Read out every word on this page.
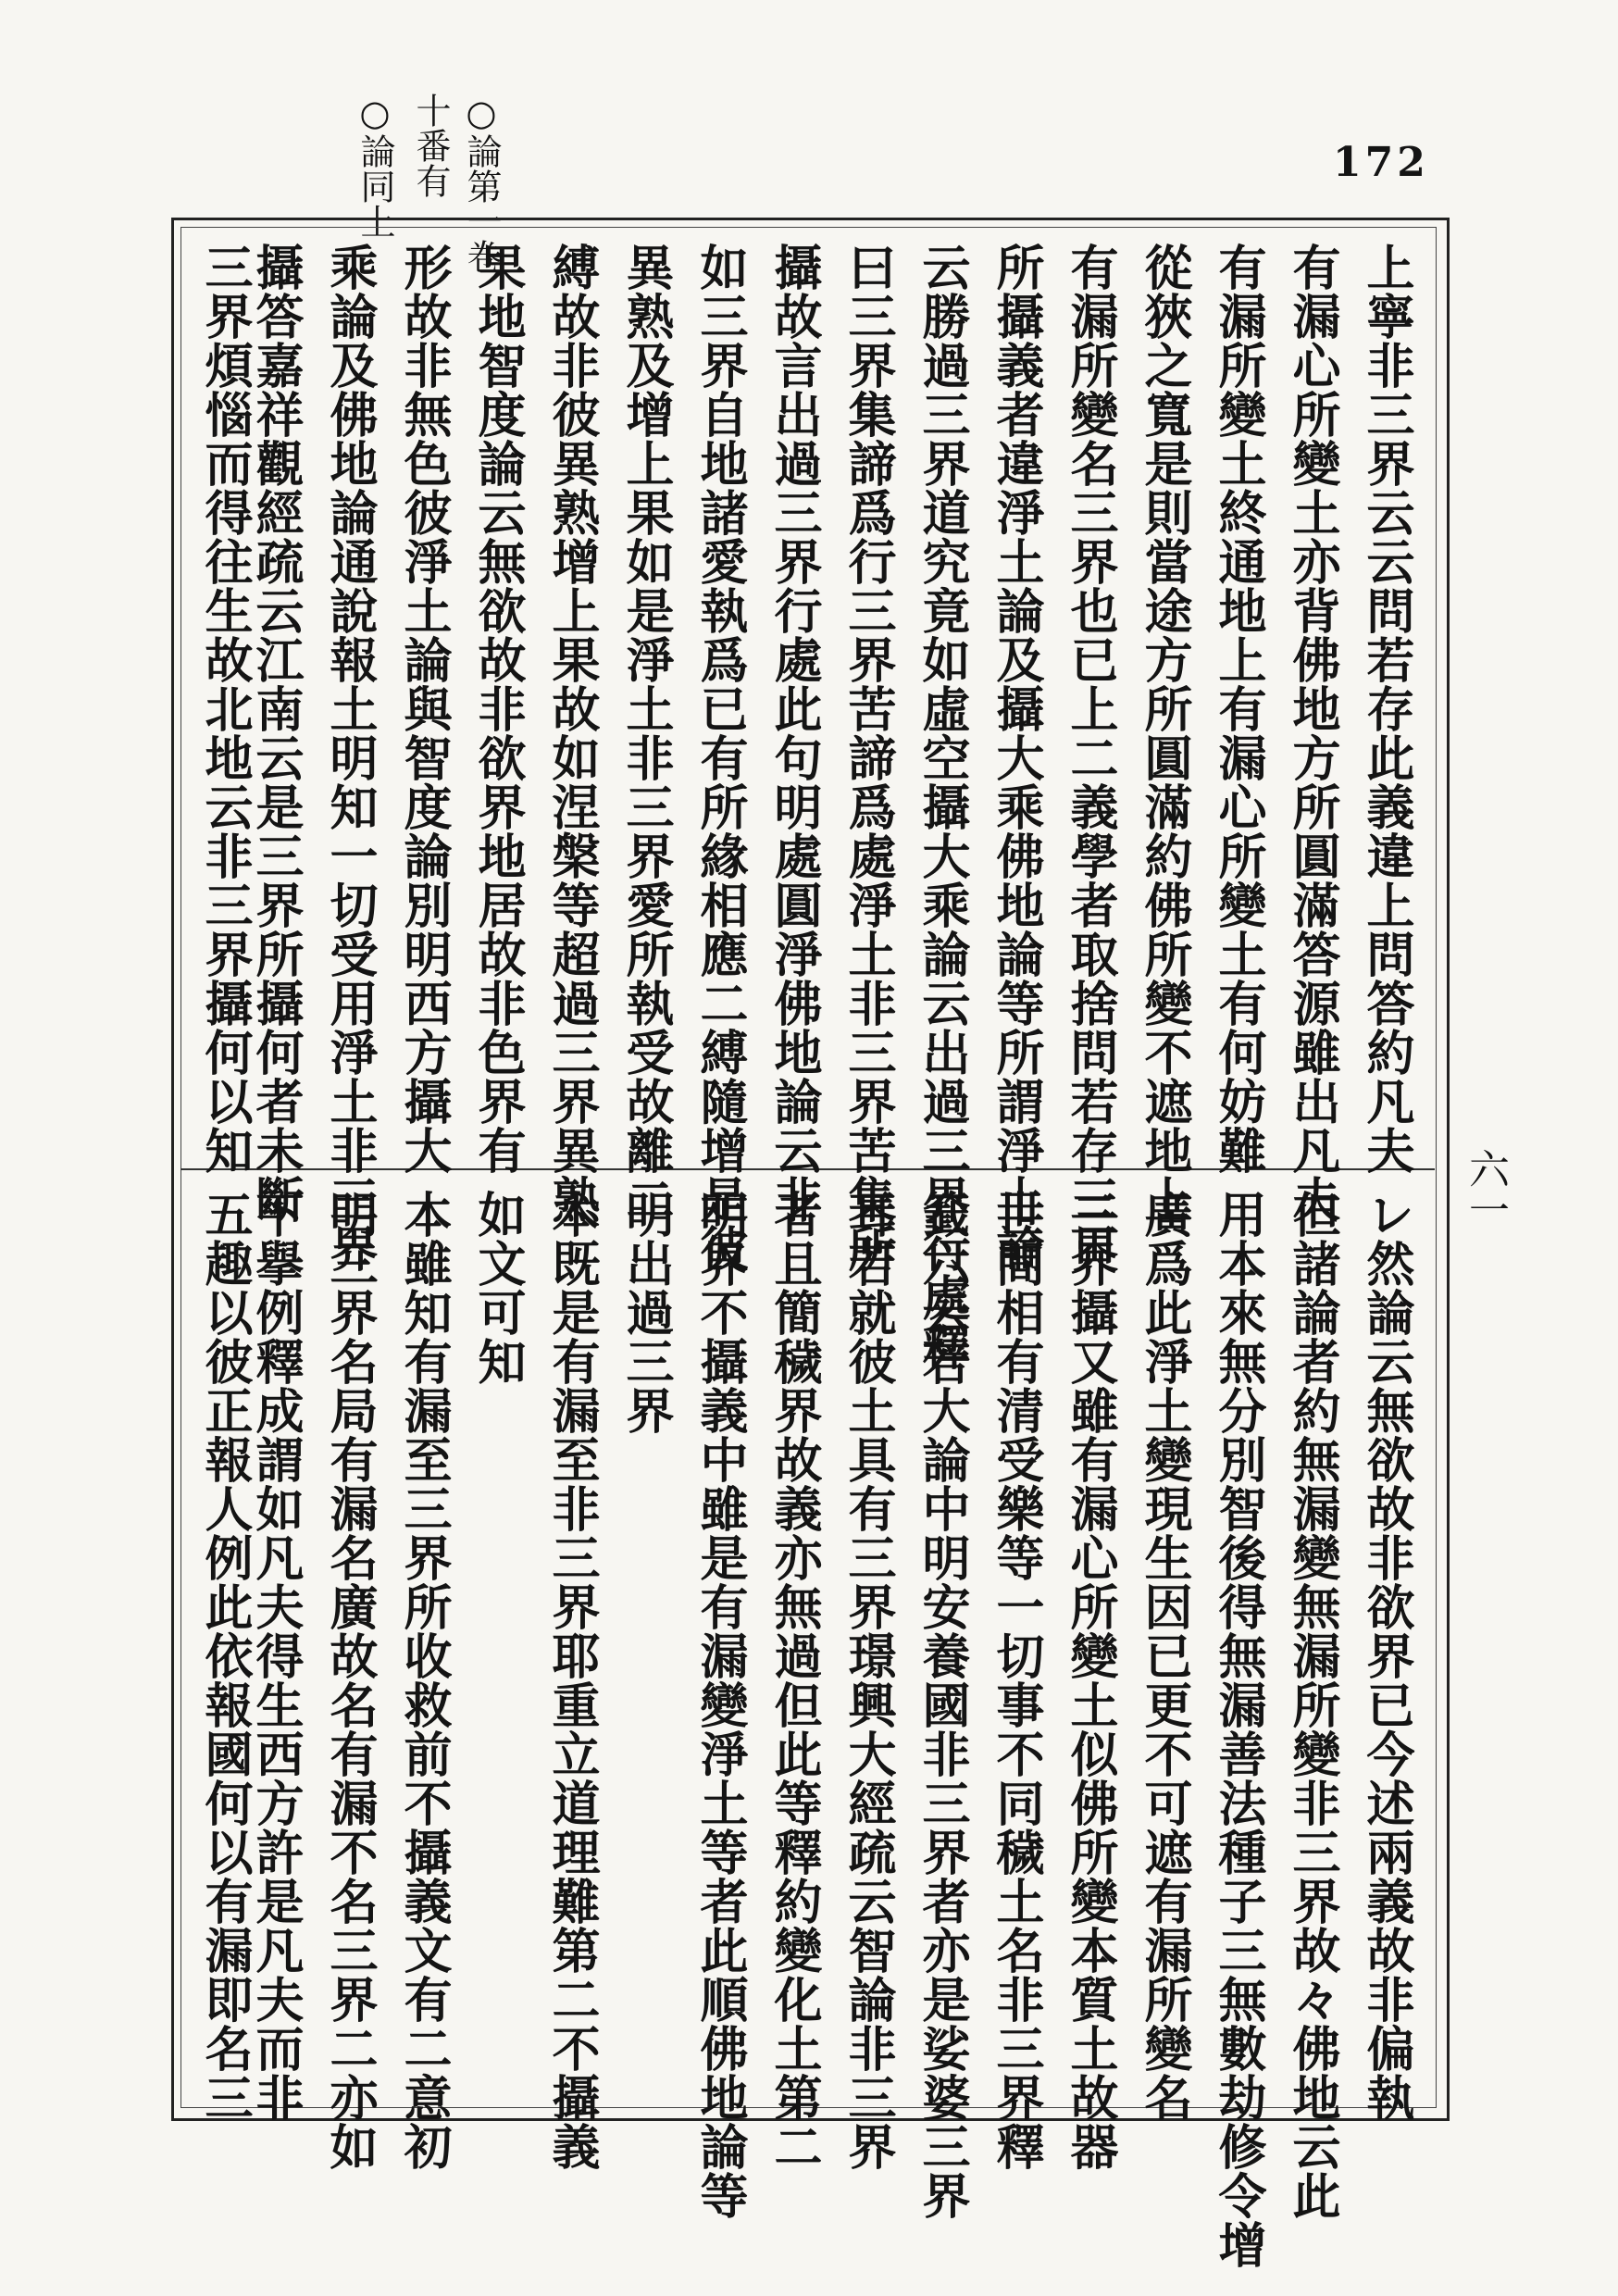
172
○論同上 十番有 ○論第一卷
六一
上寧非三界云云問若存此義違上問答約凡夫
有漏心所變土亦背佛地方所圓滿答源雖出凡夫
有漏所變土終通地上有漏心所變土有何妨難
從狹之寬是則當途方所圓滿約佛所變不遮地上
有漏所變名三界也已上二義學者取捨問若存三界
所攝義者違淨土論及攝大乘佛地論等所謂淨土論
云勝過三界道究竟如虛空攝大乘論云出過三界行處釋
曰三界集諦爲行三界苦諦爲處淨土非三界苦集所
攝故言出過三界行處此句明處圓淨佛地論云非
如三界自地諸愛執爲已有所緣相應二縛隨增是彼
異熟及增上果如是淨土非三界愛所執受故離二
縛故非彼異熟增上果故如涅槃等超過三界異熟
果地智度論云無欲故非欲界地居故非色界有
形故非無色彼淨土論與智度論別明西方攝大
乘論及佛地論通說報土明知一切受用淨土非三界
攝答嘉祥觀經疏云江南云是三界所攝何者未斷
三界煩惱而得往生故北地云非三界攝何以知
レ然論云無欲故非欲界已今述兩義故非偏執
但諸論者約無漏變無漏所變非三界故々佛地云此
用本來無分別智後得無漏善法種子三無數劫修令增
廣爲此淨土變現生因已更不可遮有漏所變名
三界攝又雖有漏心所變土似佛所變本質土故器
世間相有清受樂等一切事不同穢土名非三界釋
籖六云若大論中明安養國非三界者亦是娑婆三界
耳若就彼土具有三界璟興大經疏云智論非三界
者且簡穢界故義亦無過但此等釋約變化土第二
明界不攝義中雖是有漏變淨土等者此順佛地論等
明出過三界
本既是有漏至非三界耶重立道理難第二不攝義
如文可知
本雖知有漏至三界所收救前不攝義文有二意初
明三界名局有漏名廣故名有漏不名三界二亦如
下擧例釋成謂如凡夫得生西方許是凡夫而非
五趣以彼正報人例此依報國何以有漏即名三
